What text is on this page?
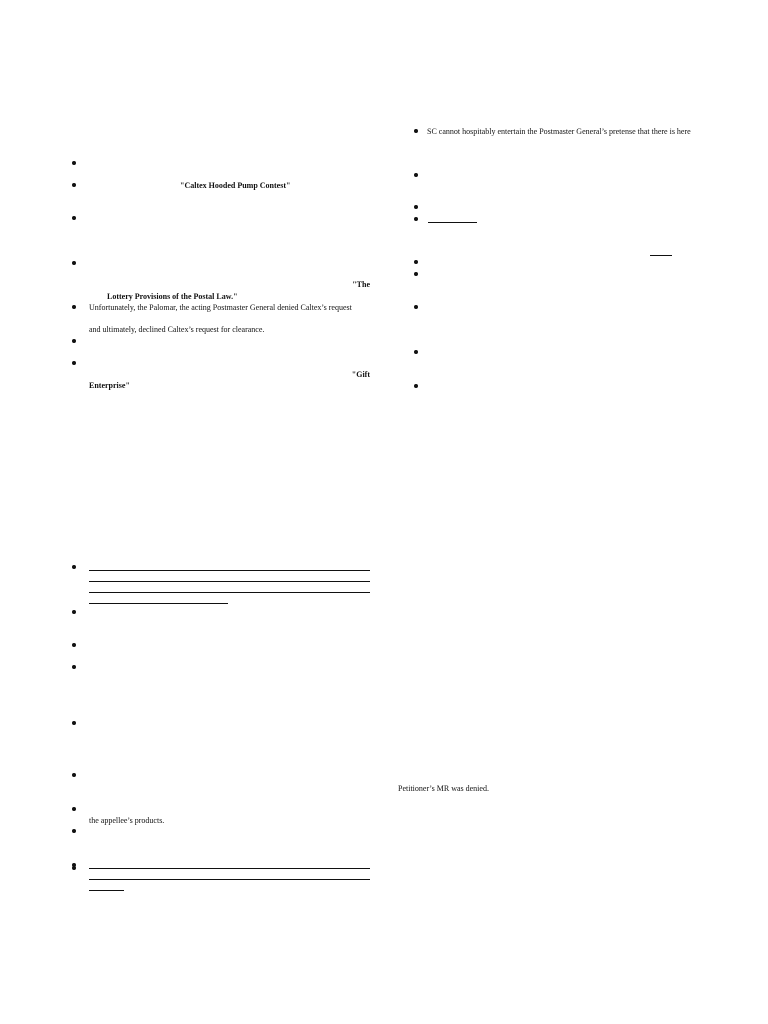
"Caltex Hooded Pump Contest"
"The
Lottery Provisions of the Postal Law."
Unfortunately, the Palomar, the acting Postmaster General denied Caltex’s request
and ultimately, declined Caltex’s request for clearance.
"Gift
Enterprise"
the appellee’s products.
SC cannot hospitably entertain the Postmaster General’s pretense that there is here
Petitioner’s MR was denied.
